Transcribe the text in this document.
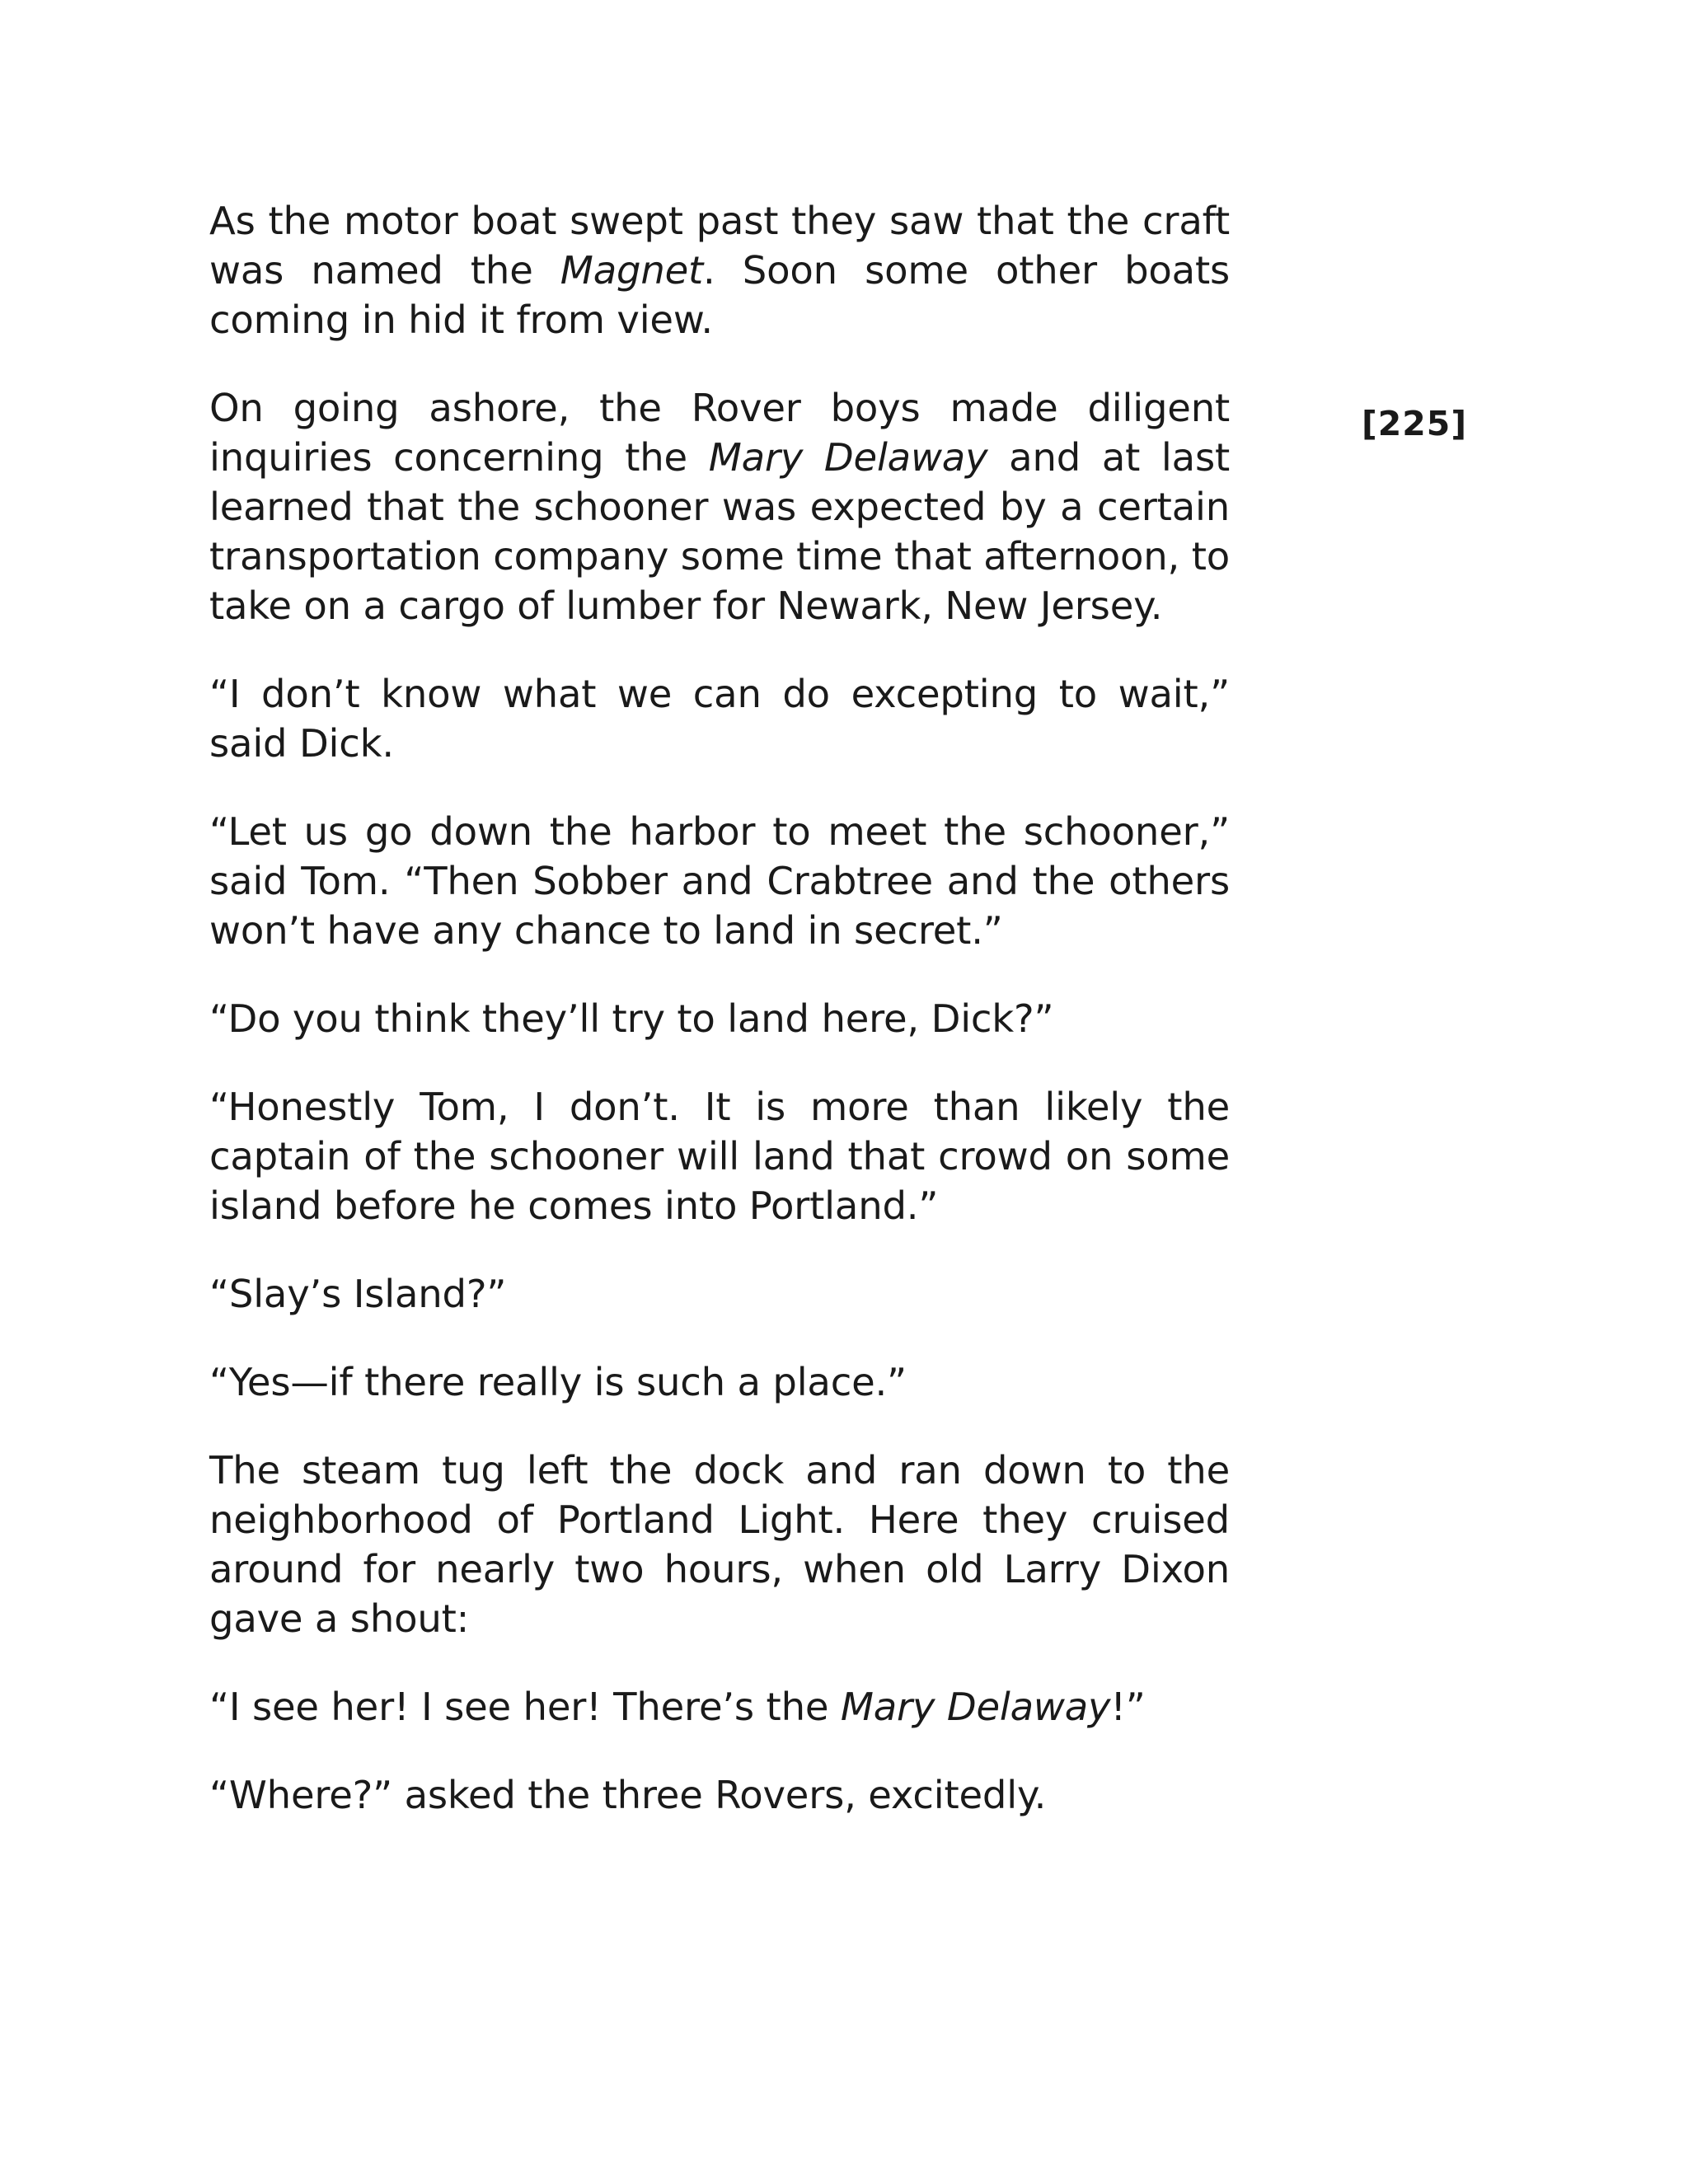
[225]

As the motor boat swept past they saw that the craft was named the Magnet. Soon some other boats coming in hid it from view.

On going ashore, the Rover boys made diligent inquiries concerning the Mary Delaway and at last learned that the schooner was expected by a certain transportation company some time that afternoon, to take on a cargo of lumber for Newark, New Jersey.

“I don’t know what we can do excepting to wait,” said Dick.

“Let us go down the harbor to meet the schooner,” said Tom. “Then Sobber and Crabtree and the others won’t have any chance to land in secret.”

“Do you think they’ll try to land here, Dick?”

“Honestly Tom, I don’t. It is more than likely the captain of the schooner will land that crowd on some island before he comes into Portland.”

“Slay’s Island?”

“Yes—if there really is such a place.”

The steam tug left the dock and ran down to the neighborhood of Portland Light. Here they cruised around for nearly two hours, when old Larry Dixon gave a shout:

“I see her! I see her! There’s the Mary Delaway!”

“Where?” asked the three Rovers, excitedly.
